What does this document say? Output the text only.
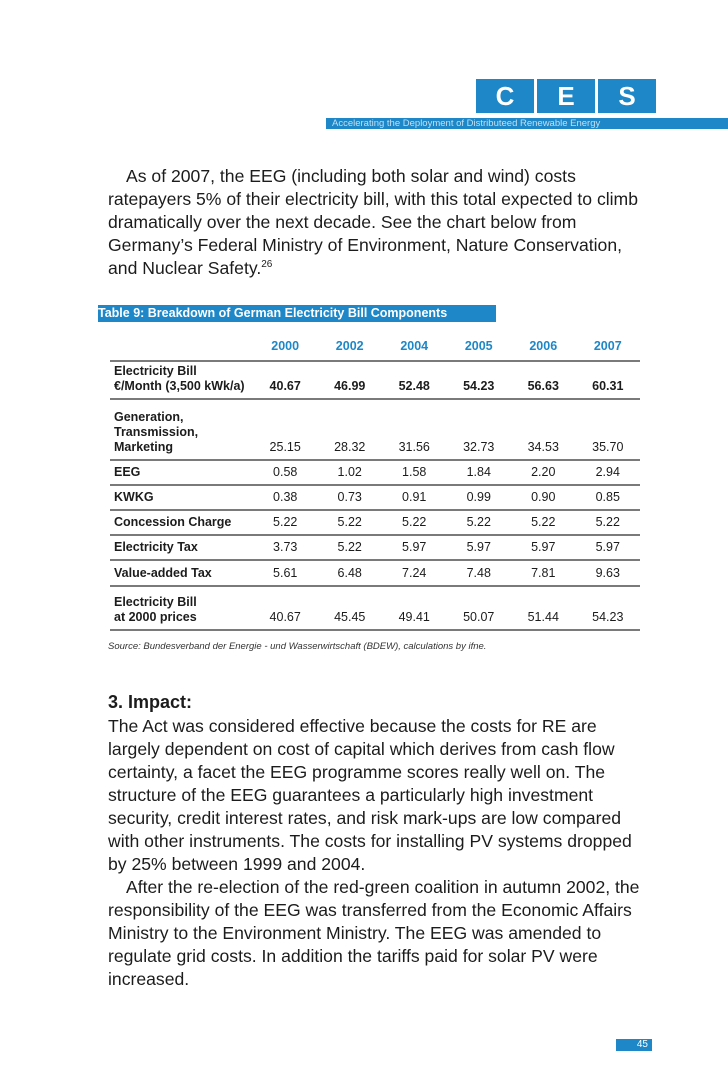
C	E	S
Accelerating the Deployment of Distributeed Renewable Energy

As of 2007, the EEG (including both solar and wind) costs ratepayers 5% of their electricity bill, with this total expected to climb dramatically over the next decade. See the chart below from Germany’s Federal Ministry of Environment, Nature Conservation, and Nuclear Safety.$^{26}$

Table 9: Breakdown of German Electricity Bill Components
2000	2002	2004	2005	2006	2007
Electricity Bill
€/Month (3,500 kWk/a)	40.67	46.99	52.48	54.23	56.63	60.31
Generation,
Transmission,
Marketing	25.15	28.32	31.56	32.73	34.53	35.70
EEG	0.58	1.02	1.58	1.84	2.20	2.94
KWKG	0.38	0.73	0.91	0.99	0.90	0.85
Concession Charge	5.22	5.22	5.22	5.22	5.22	5.22
Electricity Tax	3.73	5.22	5.97	5.97	5.97	5.97
Value-added Tax	5.61	6.48	7.24	7.48	7.81	9.63
Electricity Bill
at 2000 prices	40.67	45.45	49.41	50.07	51.44	54.23
Source: Bundesverband der Energie - und Wasserwirtschaft (BDEW), calculations by ifne.
3. Impact:

The Act was considered effective because the costs for RE are largely dependent on cost of capital which derives from cash flow certainty, a facet the EEG programme scores really well on. The structure of the EEG guarantees a particularly high investment security, credit interest rates, and risk mark-ups are low compared with other instruments. The costs for installing PV systems dropped by 25% between 1999 and 2004.

After the re-election of the red-green coalition in autumn 2002, the responsibility of the EEG was transferred from the Economic Affairs Ministry to the Environment Ministry. The EEG was amended to regulate grid costs. In addition the tariffs paid for solar PV were increased.

45
